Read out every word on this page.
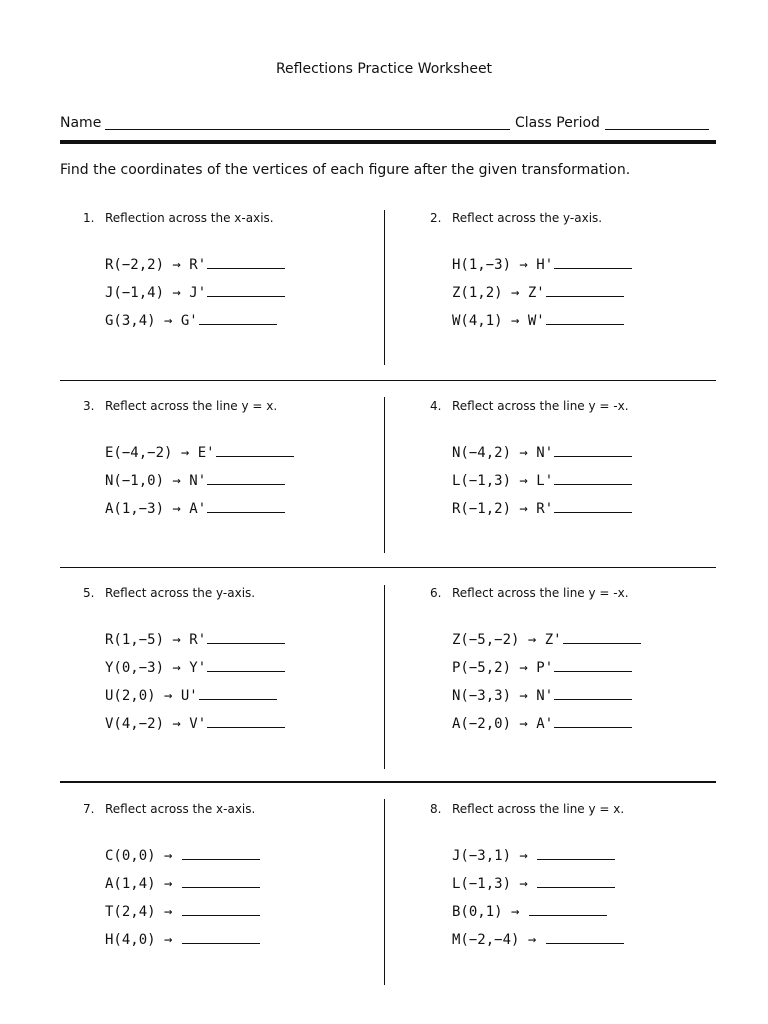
Reflections Practice Worksheet
Name	Class Period
Find the coordinates of the vertices of each figure after the given transformation.
1. Reflection across the x-axis.
R(−2,2) → R'
J(−1,4) → J'
G(3,4) → G'
2. Reflect across the y-axis.
H(1,−3) → H'
Z(1,2) → Z'
W(4,1) → W'
3. Reflect across the line y = x.
E(−4,−2) → E'
N(−1,0) → N'
A(1,−3) → A'
4. Reflect across the line y = -x.
N(−4,2) → N'
L(−1,3) → L'
R(−1,2) → R'
5. Reflect across the y-axis.
R(1,−5) → R'
Y(0,−3) → Y'
U(2,0) → U'
V(4,−2) → V'
6. Reflect across the line y = -x.
Z(−5,−2) → Z'
P(−5,2) → P'
N(−3,3) → N'
A(−2,0) → A'
7. Reflect across the x-axis.
C(0,0) →
A(1,4) →
T(2,4) →
H(4,0) →
8. Reflect across the line y = x.
J(−3,1) →
L(−1,3) →
B(0,1) →
M(−2,−4) →
